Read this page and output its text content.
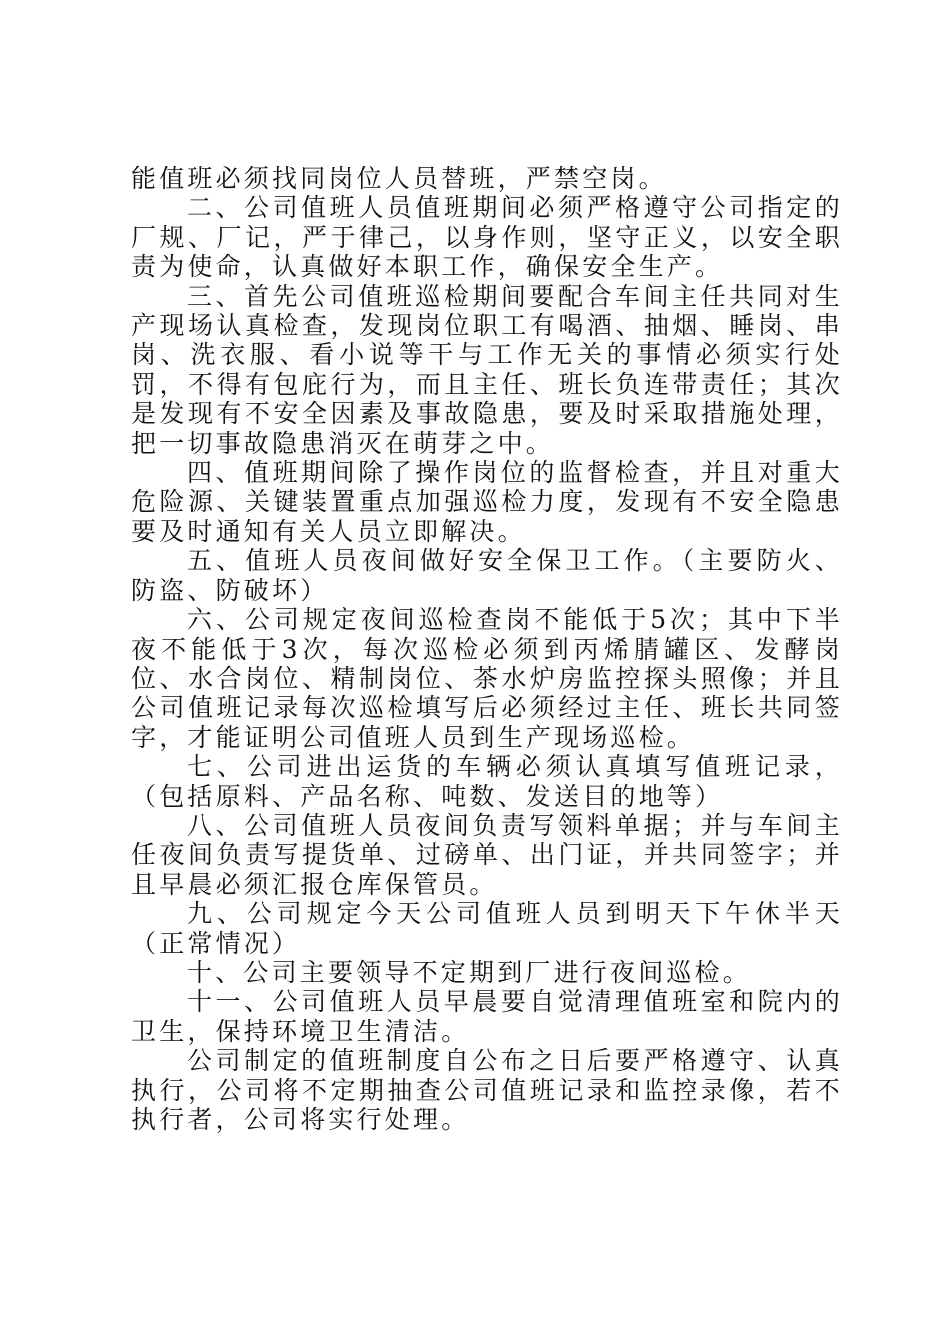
能值班必须找同岗位人员替班，严禁空岗。

二、公司值班人员值班期间必须严格遵守公司指定的厂规、厂记，严于律己，以身作则，坚守正义，以安全职责为使命，认真做好本职工作，确保安全生产。

三、首先公司值班巡检期间要配合车间主任共同对生产现场认真检查，发现岗位职工有喝酒、抽烟、睡岗、串岗、洗衣服、看小说等干与工作无关的事情必须实行处罚，不得有包庇行为，而且主任、班长负连带责任；其次是发现有不安全因素及事故隐患，要及时采取措施处理，把一切事故隐患消灭在萌芽之中。

四、值班期间除了操作岗位的监督检查，并且对重大危险源、关键装置重点加强巡检力度，发现有不安全隐患要及时通知有关人员立即解决。

五、值班人员夜间做好安全保卫工作。（主要防火、防盗、防破坏）

六、公司规定夜间巡检查岗不能低于5次；其中下半夜不能低于3次，每次巡检必须到丙烯腈罐区、发酵岗位、水合岗位、精制岗位、茶水炉房监控探头照像；并且公司值班记录每次巡检填写后必须经过主任、班长共同签字，才能证明公司值班人员到生产现场巡检。

七、公司进出运货的车辆必须认真填写值班记录，（包括原料、产品名称、吨数、发送目的地等）

八、公司值班人员夜间负责写领料单据；并与车间主任夜间负责写提货单、过磅单、出门证，并共同签字；并且早晨必须汇报仓库保管员。

九、公司规定今天公司值班人员到明天下午休半天（正常情况）

十、公司主要领导不定期到厂进行夜间巡检。

十一、公司值班人员早晨要自觉清理值班室和院内的卫生，保持环境卫生清洁。

公司制定的值班制度自公布之日后要严格遵守、认真执行，公司将不定期抽查公司值班记录和监控录像，若不执行者，公司将实行处理。
